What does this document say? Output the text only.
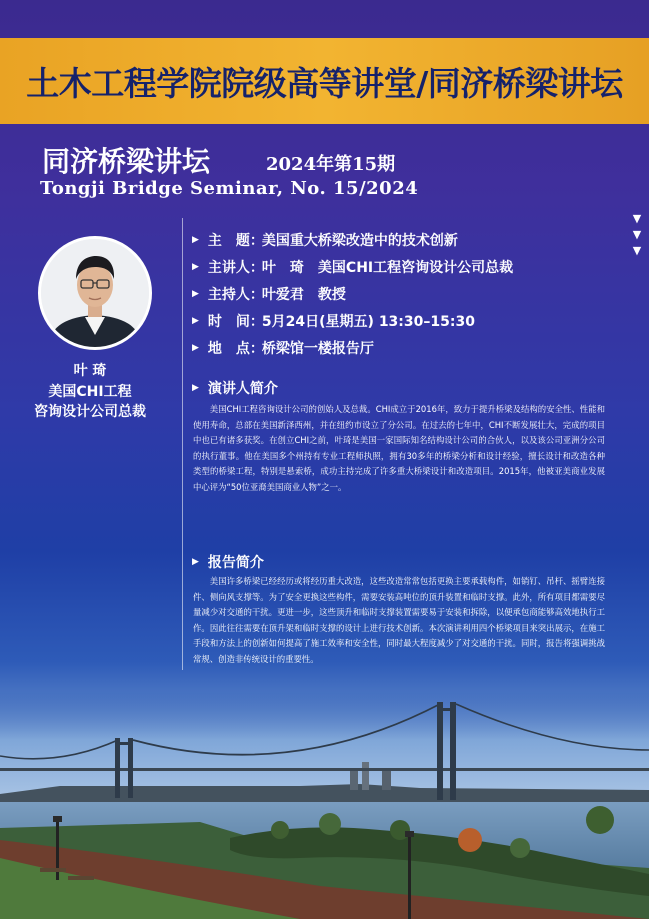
土木工程学院院级高等讲堂/同济桥梁讲坛
同济桥梁讲坛	2024年第15期
Tongji Bridge Seminar, No. 15/2024
▼
▼
▼
叶 琦
美国CHI工程
咨询设计公司总裁
▶ 主　题：
美国重大桥梁改造中的技术创新
▶ 主讲人：
叶　琦　美国CHI工程咨询设计公司总裁
▶ 主持人：
叶爱君　教授
▶ 时　间：
5月24日(星期五) 13:30–15:30
▶ 地　点：
桥梁馆一楼报告厅
▶ 演讲人简介
美国CHI工程咨询设计公司的创始人及总裁。CHI成立于2016年，致力于提升桥梁及结构的安全性、性能和使用寿命，总部在美国新泽西州，并在纽约市设立了分公司。在过去的七年中，CHI不断发展壮大，完成的项目中也已有诸多获奖。在创立CHI之前，叶琦是美国一家国际知名结构设计公司的合伙人，以及该公司亚洲分公司的执行董事。他在美国多个州持有专业工程师执照，拥有30多年的桥梁分析和设计经验，擅长设计和改造各种类型的桥梁工程，特别是悬索桥，成功主持完成了许多重大桥梁设计和改造项目。2015年，他被亚美商业发展中心评为“50位亚裔美国商业人物”之一。
▶ 报告简介
美国许多桥梁已经经历或将经历重大改造，这些改造常常包括更换主要承载构件，如销钉、吊杆、摇臂连接件、侧向风支撑等。为了安全更换这些构件，需要安装高吨位的顶升装置和临时支撑。此外，所有项目都需要尽量减少对交通的干扰。更进一步，这些顶升和临时支撑装置需要易于安装和拆除，以便承包商能够高效地执行工作。因此往往需要在顶升架和临时支撑的设计上进行技术创新。本次演讲利用四个桥梁项目来突出展示，在施工手段和方法上的创新如何提高了施工效率和安全性，同时最大程度减少了对交通的干扰。同时，报告将强调挑战常规、创造非传统设计的重要性。
